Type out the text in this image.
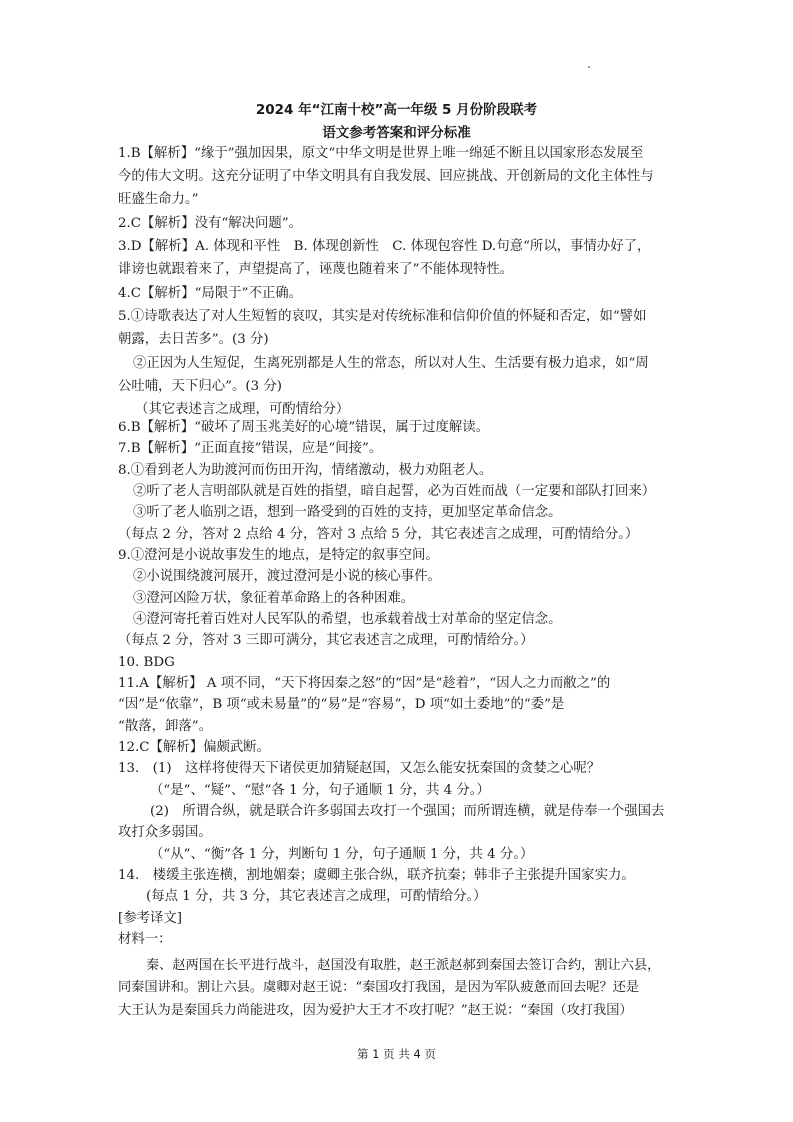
2024 年“江南十校”高一年级 5 月份阶段联考
语文参考答案和评分标准
1.B【解析】“缘于”强加因果，原文“中华文明是世界上唯一绵延不断且以国家形态发展至
今的伟大文明。这充分证明了中华文明具有自我发展、回应挑战、开创新局的文化主体性与
旺盛生命力。”
2.C【解析】没有“解决问题”。
3.D【解析】A. 体现和平性　B. 体现创新性　C. 体现包容性 D.句意“所以，事情办好了，
诽谤也就跟着来了，声望提高了，诬蔑也随着来了”不能体现特性。
4.C【解析】“局限于”不正确。
5.①诗歌表达了对人生短暂的哀叹，其实是对传统标准和信仰价值的怀疑和否定，如“譬如
朝露，去日苦多”。(3 分)
②正因为人生短促，生离死别都是人生的常态，所以对人生、生活要有极力追求，如“周
公吐哺，天下归心”。(3 分)
（其它表述言之成理，可酌情给分）
6.B【解析】“破坏了周玉兆美好的心境”错误，属于过度解读。
7.B【解析】“正面直接”错误，应是“间接”。
8.①看到老人为助渡河而伤田开沟，情绪激动，极力劝阻老人。
②听了老人言明部队就是百姓的指望，暗自起誓，必为百姓而战（一定要和部队打回来）
③听了老人临别之语，想到一路受到的百姓的支持，更加坚定革命信念。
（每点 2 分，答对 2 点给 4 分，答对 3 点给 5 分，其它表述言之成理，可酌情给分。）
9.①澄河是小说故事发生的地点，是特定的叙事空间。
②小说围绕渡河展开，渡过澄河是小说的核心事件。
③澄河凶险万状，象征着革命路上的各种困难。
④澄河寄托着百姓对人民军队的希望，也承载着战士对革命的坚定信念。
（每点 2 分，答对 3 三即可满分，其它表述言之成理，可酌情给分。）
10. BDG
11.A【解析】 A 项不同，“天下将因秦之怒”的“因”是“趁着”，“因人之力而敝之”的
“因”是“依靠”，B 项“或未易量”的“易”是“容易”，D 项“如土委地”的“委”是
“散落，卸落”。
12.C【解析】偏颇武断。
13.　(1)　这样将使得天下诸侯更加猜疑赵国，又怎么能安抚秦国的贪婪之心呢？
（“是”、“疑”、“慰”各 1 分，句子通顺 1 分，共 4 分。）
(2)　所谓合纵，就是联合许多弱国去攻打一个强国；而所谓连横，就是侍奉一个强国去
攻打众多弱国。
（“从”、“衡”各 1 分，判断句 1 分，句子通顺 1 分，共 4 分。）
14.　楼缓主张连横，割地媚秦；虞卿主张合纵，联齐抗秦；韩非子主张提升国家实力。
(每点 1 分，共 3 分，其它表述言之成理，可酌情给分。）
[参考译文]
材料一：
秦、赵两国在长平进行战斗，赵国没有取胜，赵王派赵郝到秦国去签订合约，割让六县，
同秦国讲和。割让六县。虞卿对赵王说：“秦国攻打我国，是因为军队疲惫而回去呢？还是
大王认为是秦国兵力尚能进攻，因为爱护大王才不攻打呢？”赵王说：“秦国（攻打我国）
第 1 页 共 4 页
